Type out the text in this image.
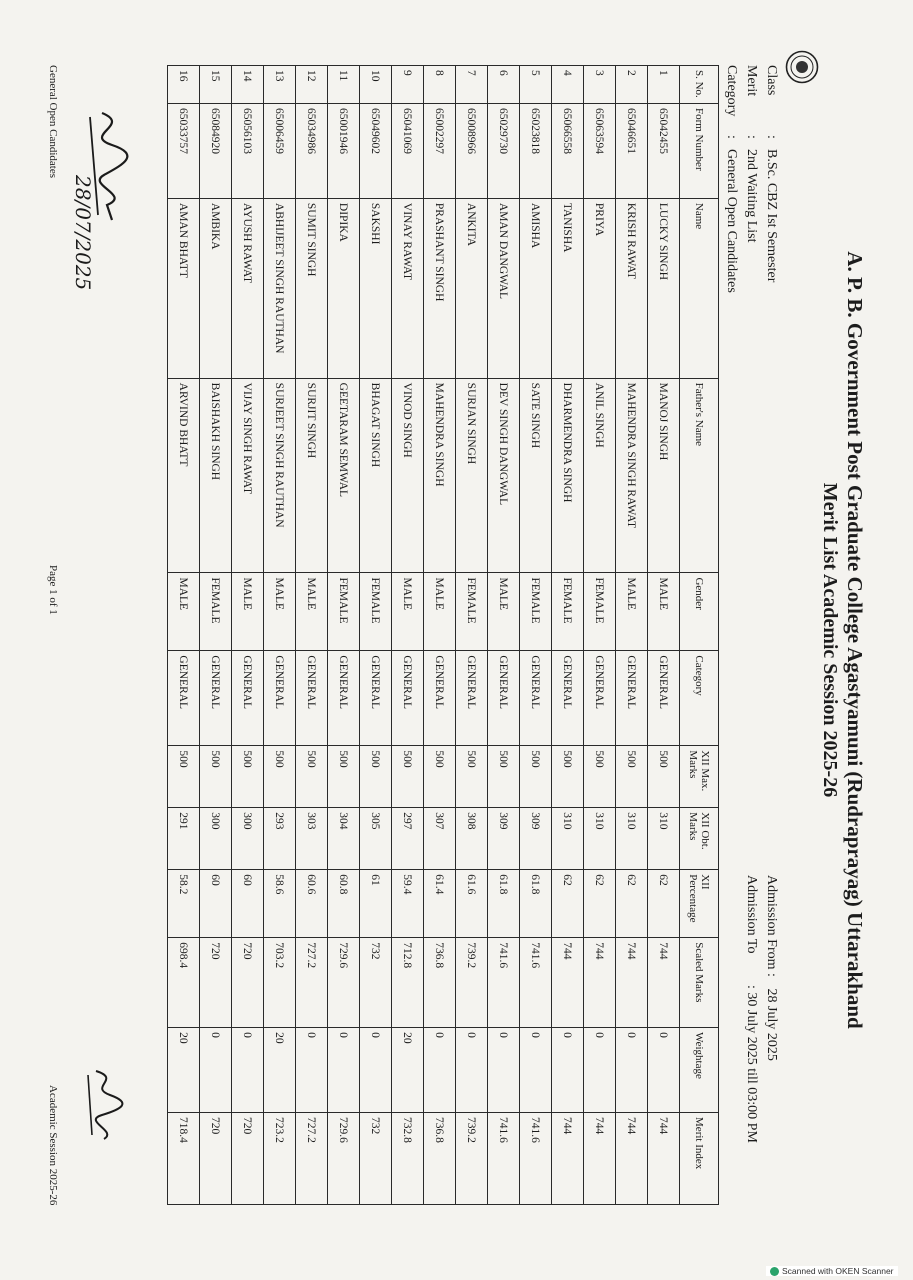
A. P. B. Government Post Graduate College Agastyamuni (Rudraprayag) Uttarakhand
Merit List Academic Session 2025-26
Class:B.Sc. CBZ Ist Semester
Merit:2nd Waiting List
Category:General Open Candidates
Admission From : 28 July 2025
Admission To: 30 July 2025 till 03:00 PM
S. No.	Form Number	Name	Father's Name	Gender	Category	XII Max. Marks	XII Obt. Marks	XII Percentage	Scaled Marks	Weightage	Merit Index
1	65042455	LUCKY SINGH	MANOJ SINGH	MALE	GENERAL	500	310	62	744	0	744
2	65046651	KRISH RAWAT	MAHENDRA SINGH RAWAT	MALE	GENERAL	500	310	62	744	0	744
3	65063594	PRIYA	ANIL SINGH	FEMALE	GENERAL	500	310	62	744	0	744
4	65066558	TANISHA	DHARMENDRA SINGH	FEMALE	GENERAL	500	310	62	744	0	744
5	65023818	AMISHA	SATE SINGH	FEMALE	GENERAL	500	309	61.8	741.6	0	741.6
6	65029730	AMAN DANGWAL	DEV SINGH DANGWAL	MALE	GENERAL	500	309	61.8	741.6	0	741.6
7	65008966	ANKITA	SURJAN SINGH	FEMALE	GENERAL	500	308	61.6	739.2	0	739.2
8	65002297	PRASHANT SINGH	MAHENDRA SINGH	MALE	GENERAL	500	307	61.4	736.8	0	736.8
9	65041069	VINAY RAWAT	VINOD SINGH	MALE	GENERAL	500	297	59.4	712.8	20	732.8
10	65049602	SAKSHI	BHAGAT SINGH	FEMALE	GENERAL	500	305	61	732	0	732
11	65001946	DIPIKA	GEETARAM SEMWAL	FEMALE	GENERAL	500	304	60.8	729.6	0	729.6
12	65034986	SUMIT SINGH	SURJIT SINGH	MALE	GENERAL	500	303	60.6	727.2	0	727.2
13	65006459	ABHIJEET SINGH RAUTHAN	SURJEET SINGH RAUTHAN	MALE	GENERAL	500	293	58.6	703.2	20	723.2
14	65056103	AYUSH RAWAT	VIJAY SINGH RAWAT	MALE	GENERAL	500	300	60	720	0	720
15	65084920	AMBIKA	BAISHAKH SINGH	FEMALE	GENERAL	500	300	60	720	0	720
16	65033757	AMAN BHATT	ARVIND BHATT	MALE	GENERAL	500	291	58.2	698.4	20	718.4
28/07/2025
General Open Candidates
Page 1 of 1
Academic Session 2025-26
Scanned with OKEN Scanner
